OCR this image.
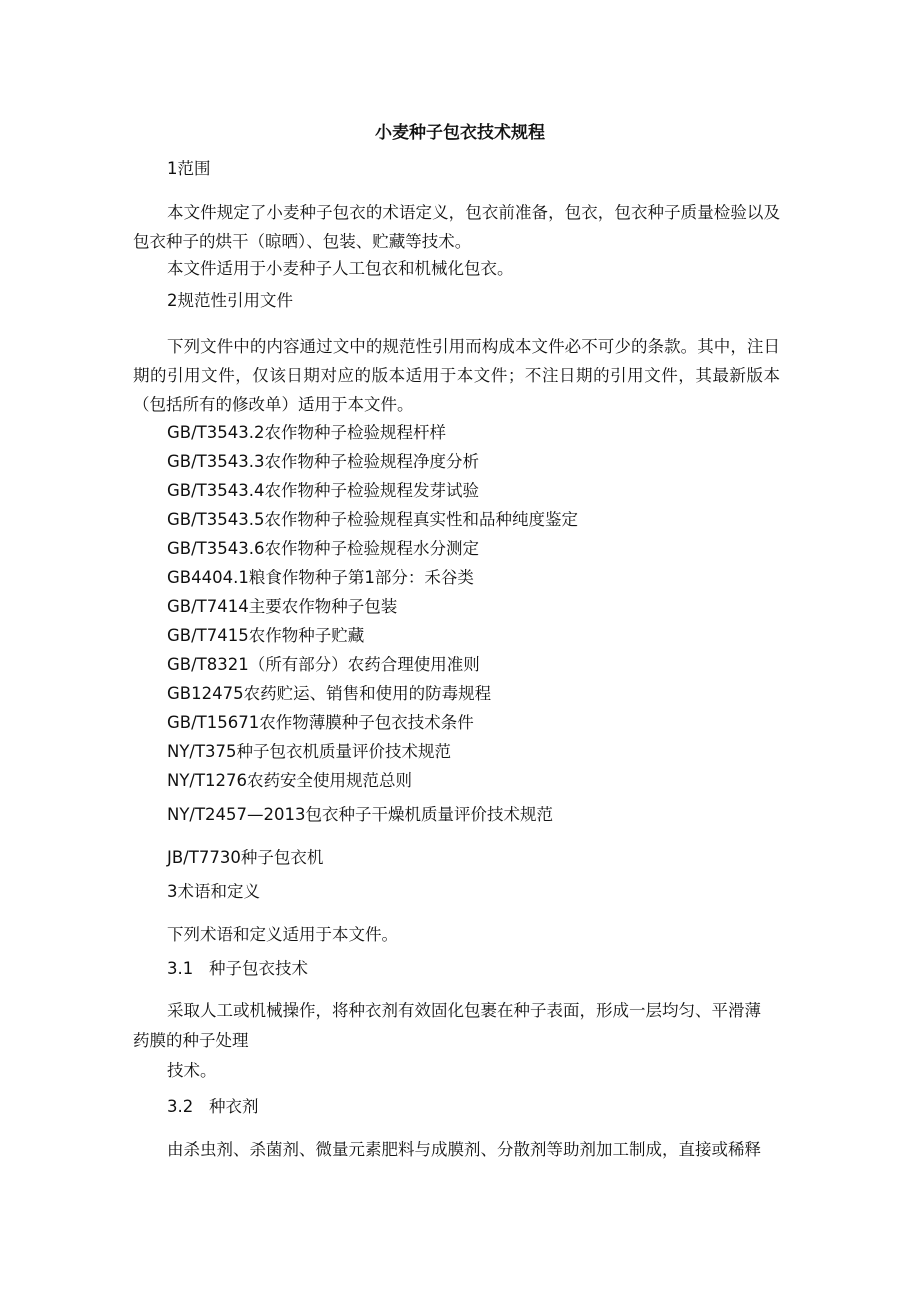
小麦种子包衣技术规程
1范围
本文件规定了小麦种子包衣的术语定义，包衣前准备，包衣，包衣种子质量检验以及包衣种子的烘干（晾晒）、包装、贮藏等技术。
本文件适用于小麦种子人工包衣和机械化包衣。
2规范性引用文件
下列文件中的内容通过文中的规范性引用而构成本文件必不可少的条款。其中，注日期的引用文件，仅该日期对应的版本适用于本文件；不注日期的引用文件，其最新版本（包括所有的修改单）适用于本文件。
GB/T3543.2农作物种子检验规程杆样
GB/T3543.3农作物种子检验规程净度分析
GB/T3543.4农作物种子检验规程发芽试验
GB/T3543.5农作物种子检验规程真实性和品种纯度鉴定
GB/T3543.6农作物种子检验规程水分测定
GB4404.1粮食作物种子第1部分：禾谷类
GB/T7414主要农作物种子包装
GB/T7415农作物种子贮藏
GB/T8321（所有部分）农药合理使用准则
GB12475农药贮运、销售和使用的防毒规程
GB/T15671农作物薄膜种子包衣技术条件
NY/T375种子包衣机质量评价技术规范
NY/T1276农药安全使用规范总则
NY/T2457—2013包衣种子干燥机质量评价技术规范
JB/T7730种子包衣机
3术语和定义
下列术语和定义适用于本文件。
3.1   种子包衣技术
采取人工或机械操作，将种衣剂有效固化包裹在种子表面，形成一层均匀、平滑薄
药膜的种子处理
技术。
3.2   种衣剂
由杀虫剂、杀菌剂、微量元素肥料与成膜剂、分散剂等助剂加工制成，直接或稀释
